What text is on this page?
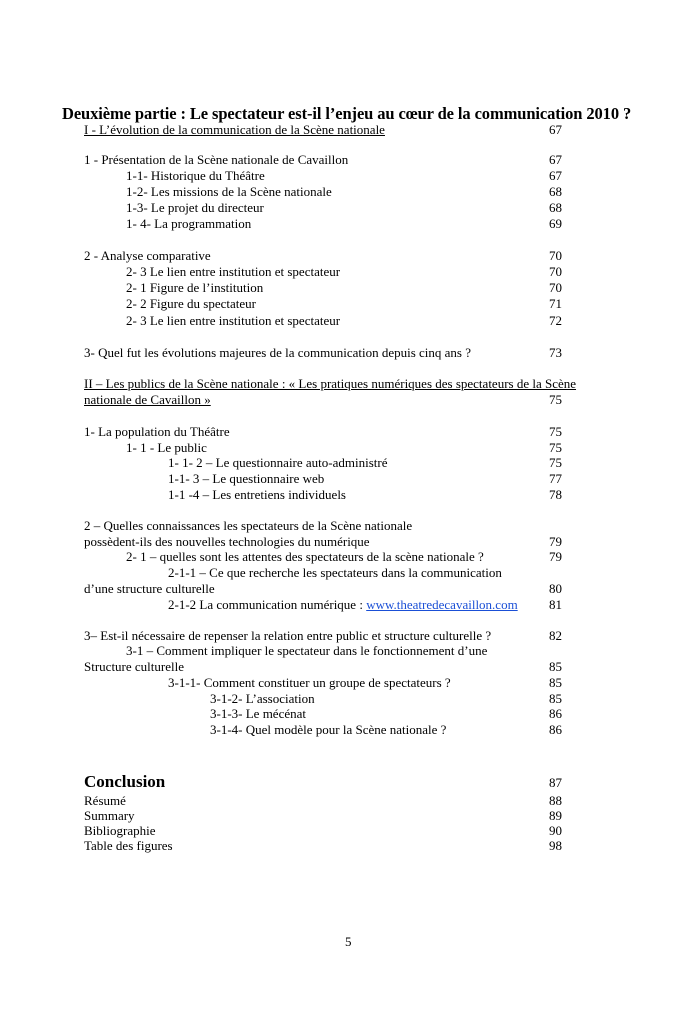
Deuxième partie : Le spectateur est-il l’enjeu au cœur de la communication 2010 ?
I - L’évolution de la communication de la Scène nationale	67
1 - Présentation de la Scène nationale de Cavaillon	67
1-1- Historique du Théâtre	67
1-2- Les missions de la Scène nationale	68
1-3- Le projet du directeur	68
1- 4- La programmation	69
2 - Analyse comparative	70
2- 3 Le lien entre institution et spectateur	70
2- 1 Figure de l’institution	70
2- 2 Figure du spectateur	71
2- 3 Le lien entre institution et spectateur	72
3- Quel fut les évolutions majeures de la communication depuis cinq ans ?	73
II – Les publics de la Scène nationale : « Les pratiques numériques des spectateurs de la Scène
nationale de Cavaillon »	75
1- La population du Théâtre	75
1- 1 - Le public	75
1- 1- 2 – Le questionnaire auto-administré	75
1-1- 3 – Le questionnaire web	77
1-1 -4 – Les entretiens individuels	78
2 – Quelles connaissances les spectateurs de la Scène nationale
possèdent-ils des nouvelles technologies du numérique	79
2- 1 – quelles sont les attentes des spectateurs de la scène nationale ?	79
2-1-1 – Ce que recherche les spectateurs dans la communication
d’une structure culturelle	80
2-1-2 La communication numérique : www.theatredecavaillon.com 81
3– Est-il nécessaire de repenser la relation entre public et structure culturelle ?	82
3-1 – Comment impliquer le spectateur dans le fonctionnement d’une
Structure culturelle	85
3-1-1- Comment constituer un groupe de spectateurs ?	85
3-1-2- L’association	85
3-1-3- Le mécénat	86
3-1-4- Quel modèle pour la Scène nationale ?	86
Conclusion	87
Résumé	88
Summary	89
Bibliographie	90
Table des figures	98
5
